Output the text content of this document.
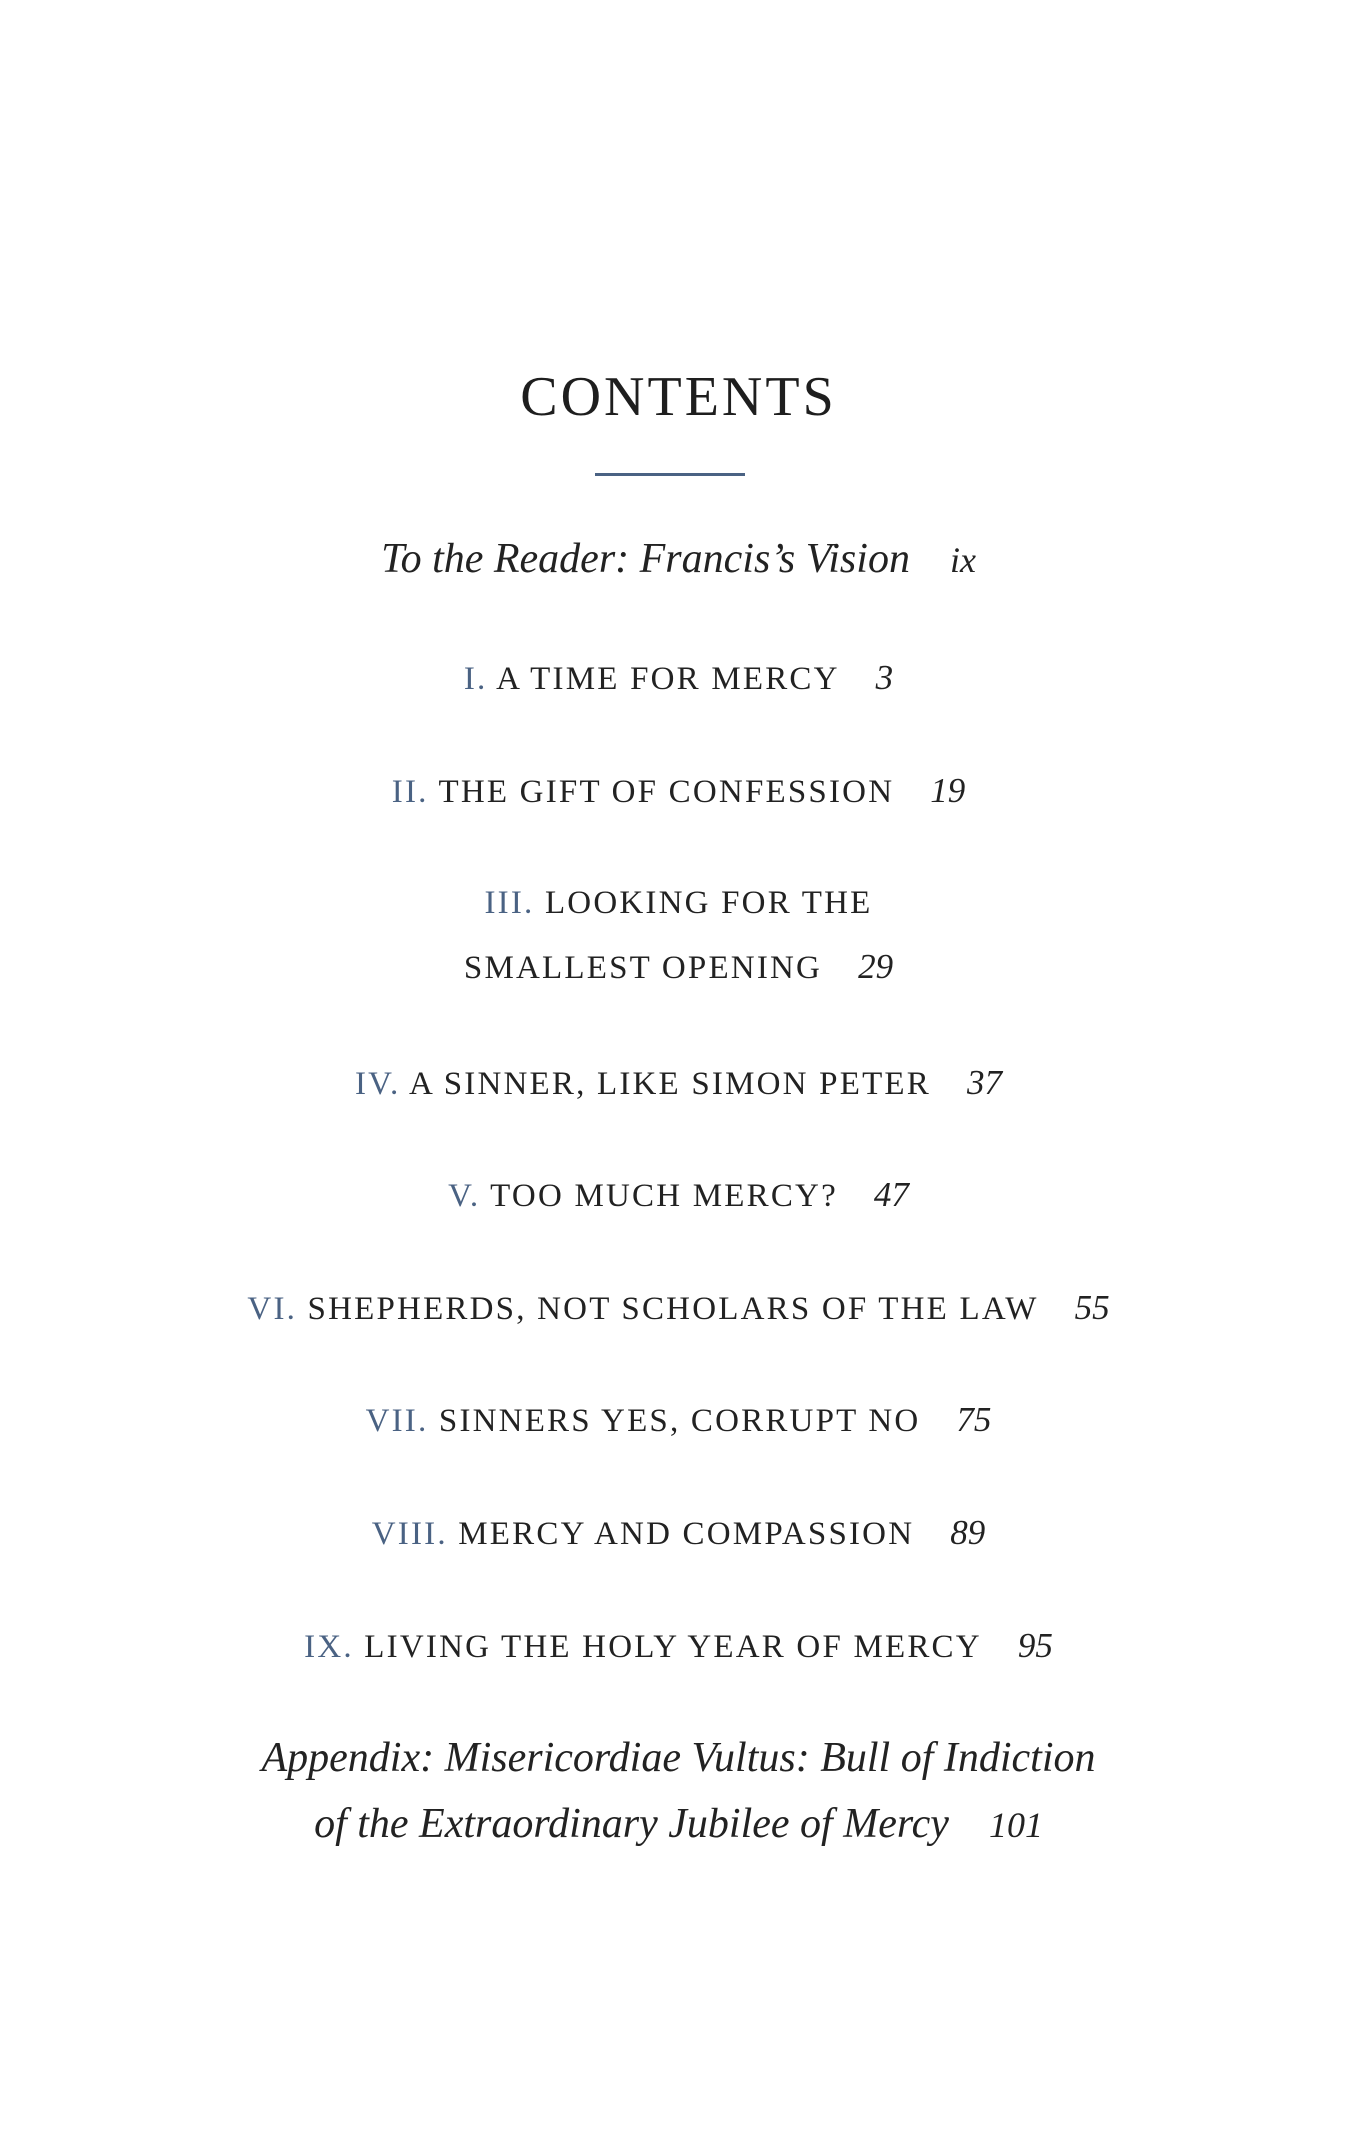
CONTENTS
To the Reader: Francis’s Vision ix
I. A TIME FOR MERCY 3
II. THE GIFT OF CONFESSION 19
III. LOOKING FOR THE
SMALLEST OPENING 29
IV. A SINNER, LIKE SIMON PETER 37
V. TOO MUCH MERCY? 47
VI. SHEPHERDS, NOT SCHOLARS OF THE LAW 55
VII. SINNERS YES, CORRUPT NO 75
VIII. MERCY AND COMPASSION 89
IX. LIVING THE HOLY YEAR OF MERCY 95
Appendix: Misericordiae Vultus: Bull of Indiction
of the Extraordinary Jubilee of Mercy 101
